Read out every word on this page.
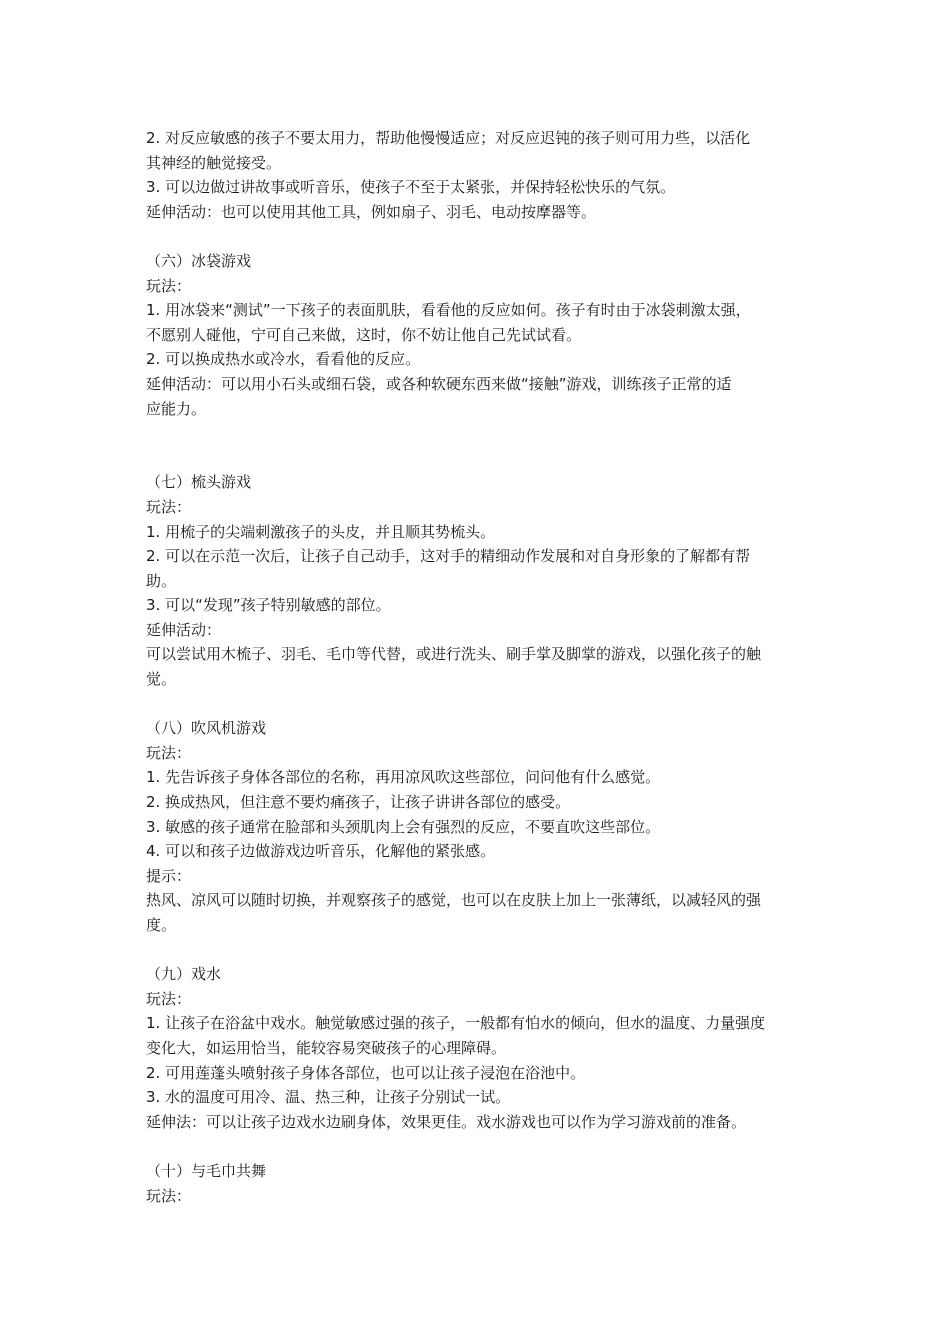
2. 对反应敏感的孩子不要太用力，帮助他慢慢适应；对反应迟钝的孩子则可用力些，以活化

其神经的触觉接受。

3. 可以边做过讲故事或听音乐，使孩子不至于太紧张，并保持轻松快乐的气氛。

延伸活动：也可以使用其他工具，例如扇子、羽毛、电动按摩器等。

（六）冰袋游戏

玩法：

1. 用冰袋来“测试”一下孩子的表面肌肤，看看他的反应如何。孩子有时由于冰袋刺激太强，

不愿别人碰他，宁可自己来做，这时，你不妨让他自己先试试看。

2. 可以换成热水或冷水，看看他的反应。

延伸活动：可以用小石头或细石袋，或各种软硬东西来做“接触”游戏，训练孩子正常的适

应能力。

（七）梳头游戏

玩法：

1. 用梳子的尖端刺激孩子的头皮，并且顺其势梳头。

2. 可以在示范一次后，让孩子自己动手，这对手的精细动作发展和对自身形象的了解都有帮

助。

3. 可以“发现”孩子特别敏感的部位。

延伸活动：

可以尝试用木梳子、羽毛、毛巾等代替，或进行洗头、刷手掌及脚掌的游戏，以强化孩子的触

觉。

（八）吹风机游戏

玩法：

1. 先告诉孩子身体各部位的名称，再用凉风吹这些部位，问问他有什么感觉。

2. 换成热风，但注意不要灼痛孩子，让孩子讲讲各部位的感受。

3. 敏感的孩子通常在脸部和头颈肌肉上会有强烈的反应，不要直吹这些部位。

4. 可以和孩子边做游戏边听音乐，化解他的紧张感。

提示：

热风、凉风可以随时切换，并观察孩子的感觉，也可以在皮肤上加上一张薄纸，以减轻风的强

度。

（九）戏水

玩法：

1. 让孩子在浴盆中戏水。触觉敏感过强的孩子，一般都有怕水的倾向，但水的温度、力量强度

变化大，如运用恰当，能较容易突破孩子的心理障碍。

2. 可用莲蓬头喷射孩子身体各部位，也可以让孩子浸泡在浴池中。

3. 水的温度可用冷、温、热三种，让孩子分别试一试。

延伸法：可以让孩子边戏水边刷身体，效果更佳。戏水游戏也可以作为学习游戏前的准备。

（十）与毛巾共舞

玩法：
